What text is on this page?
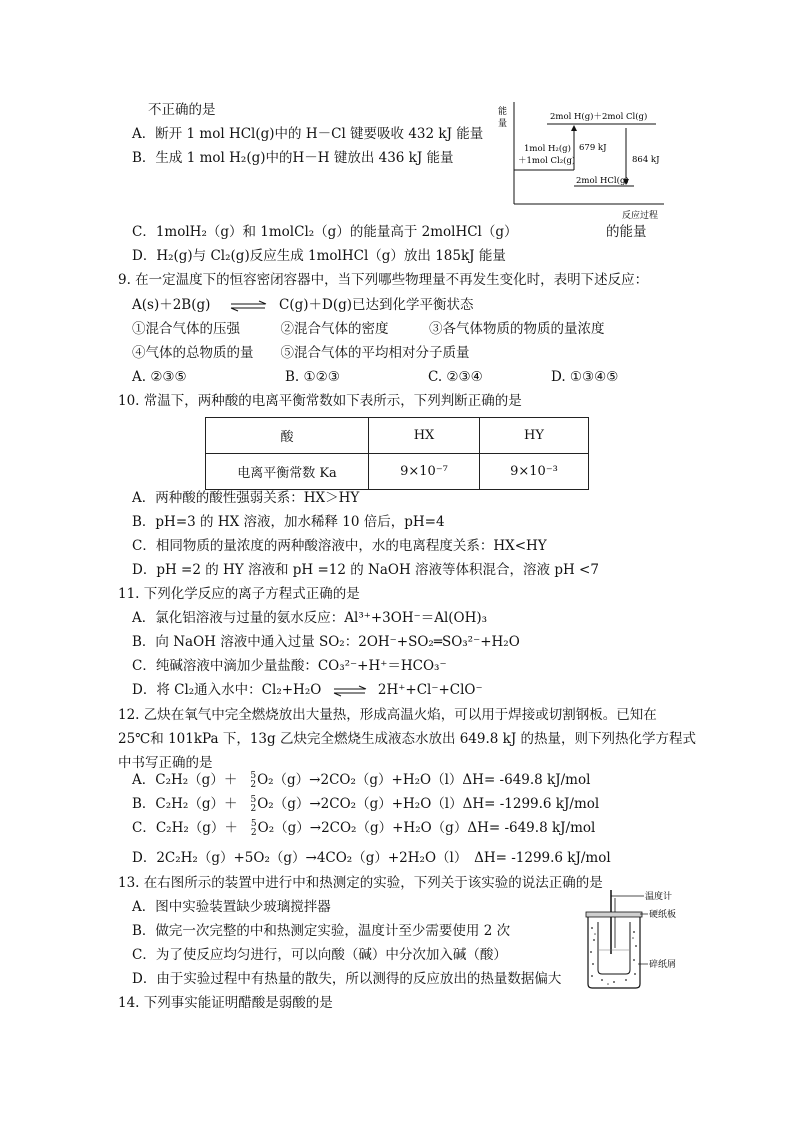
不正确的是
A．断开 1 mol HCl(g)中的 H－Cl 键要吸收 432 kJ 能量
B．生成 1 mol H₂(g)中的H－H 键放出 436 kJ 能量
C．1molH₂（g）和 1molCl₂（g）的能量高于 2molHCl（g）	的能量
D．H₂(g)与 Cl₂(g)反应生成 1molHCl（g）放出 185kJ 能量
能
量
反应过程
2mol H(g)＋2mol Cl(g)
1mol H₂(g)
＋1mol Cl₂(g)
2mol HCl(g)
679 kJ
864 kJ
9. 在一定温度下的恒容密闭容器中，当下列哪些物理量不再发生变化时，表明下述反应：
A(s)＋2B(g) ⇌ C(g)＋D(g)已达到化学平衡状态
①混合气体的压强　　　②混合气体的密度　　　③各气体物质的物质的量浓度
④气体的总物质的量　　⑤混合气体的平均相对分子质量
A. ②③⑤	B. ①②③	C. ②③④	D. ①③④⑤
10. 常温下，两种酸的电离平衡常数如下表所示，下列判断正确的是
酸	HX	HY
电离平衡常数 Ka	9×10⁻⁷	9×10⁻³
A．两种酸的酸性强弱关系：HX＞HY
B．pH=3 的 HX 溶液，加水稀释 10 倍后，pH=4
C．相同物质的量浓度的两种酸溶液中，水的电离程度关系：HX<HY
D．pH =2 的 HY 溶液和 pH =12 的 NaOH 溶液等体积混合，溶液 pH <7
11. 下列化学反应的离子方程式正确的是
A．氯化铝溶液与过量的氨水反应：Al³⁺+3OH⁻＝Al(OH)₃
B．向 NaOH 溶液中通入过量 SO₂：2OH⁻+SO₂═SO₃²⁻+H₂O
C．纯碱溶液中滴加少量盐酸：CO₃²⁻+H⁺＝HCO₃⁻
D．将 Cl₂通入水中：Cl₂+H₂O ⇌ 2H⁺+Cl⁻+ClO⁻
12. 乙炔在氧气中完全燃烧放出大量热，形成高温火焰，可以用于焊接或切割钢板。已知在
25℃和 101kPa 下，13g 乙炔完全燃烧生成液态水放出 649.8 kJ 的热量，则下列热化学方程式
中书写正确的是
A．C₂H₂（g）＋ 5
2O₂（g）→2CO₂（g）+H₂O（l）ΔH= -649.8 kJ/mol
B．C₂H₂（g）＋ 5
2O₂（g）→2CO₂（g）+H₂O（l）ΔH= -1299.6 kJ/mol
C．C₂H₂（g）＋ 5
2O₂（g）→2CO₂（g）+H₂O（g）ΔH= -649.8 kJ/mol
D．2C₂H₂（g）+5O₂（g）→4CO₂（g）+2H₂O（l）　ΔH= -1299.6 kJ/mol
13. 在右图所示的装置中进行中和热测定的实验，下列关于该实验的说法正确的是
A．图中实验装置缺少玻璃搅拌器
B．做完一次完整的中和热测定实验，温度计至少需要使用 2 次
C．为了使反应均匀进行，可以向酸（碱）中分次加入碱（酸）
D．由于实验过程中有热量的散失，所以测得的反应放出的热量数据偏大
温度计
硬纸板
碎纸屑
14. 下列事实能证明醋酸是弱酸的是
